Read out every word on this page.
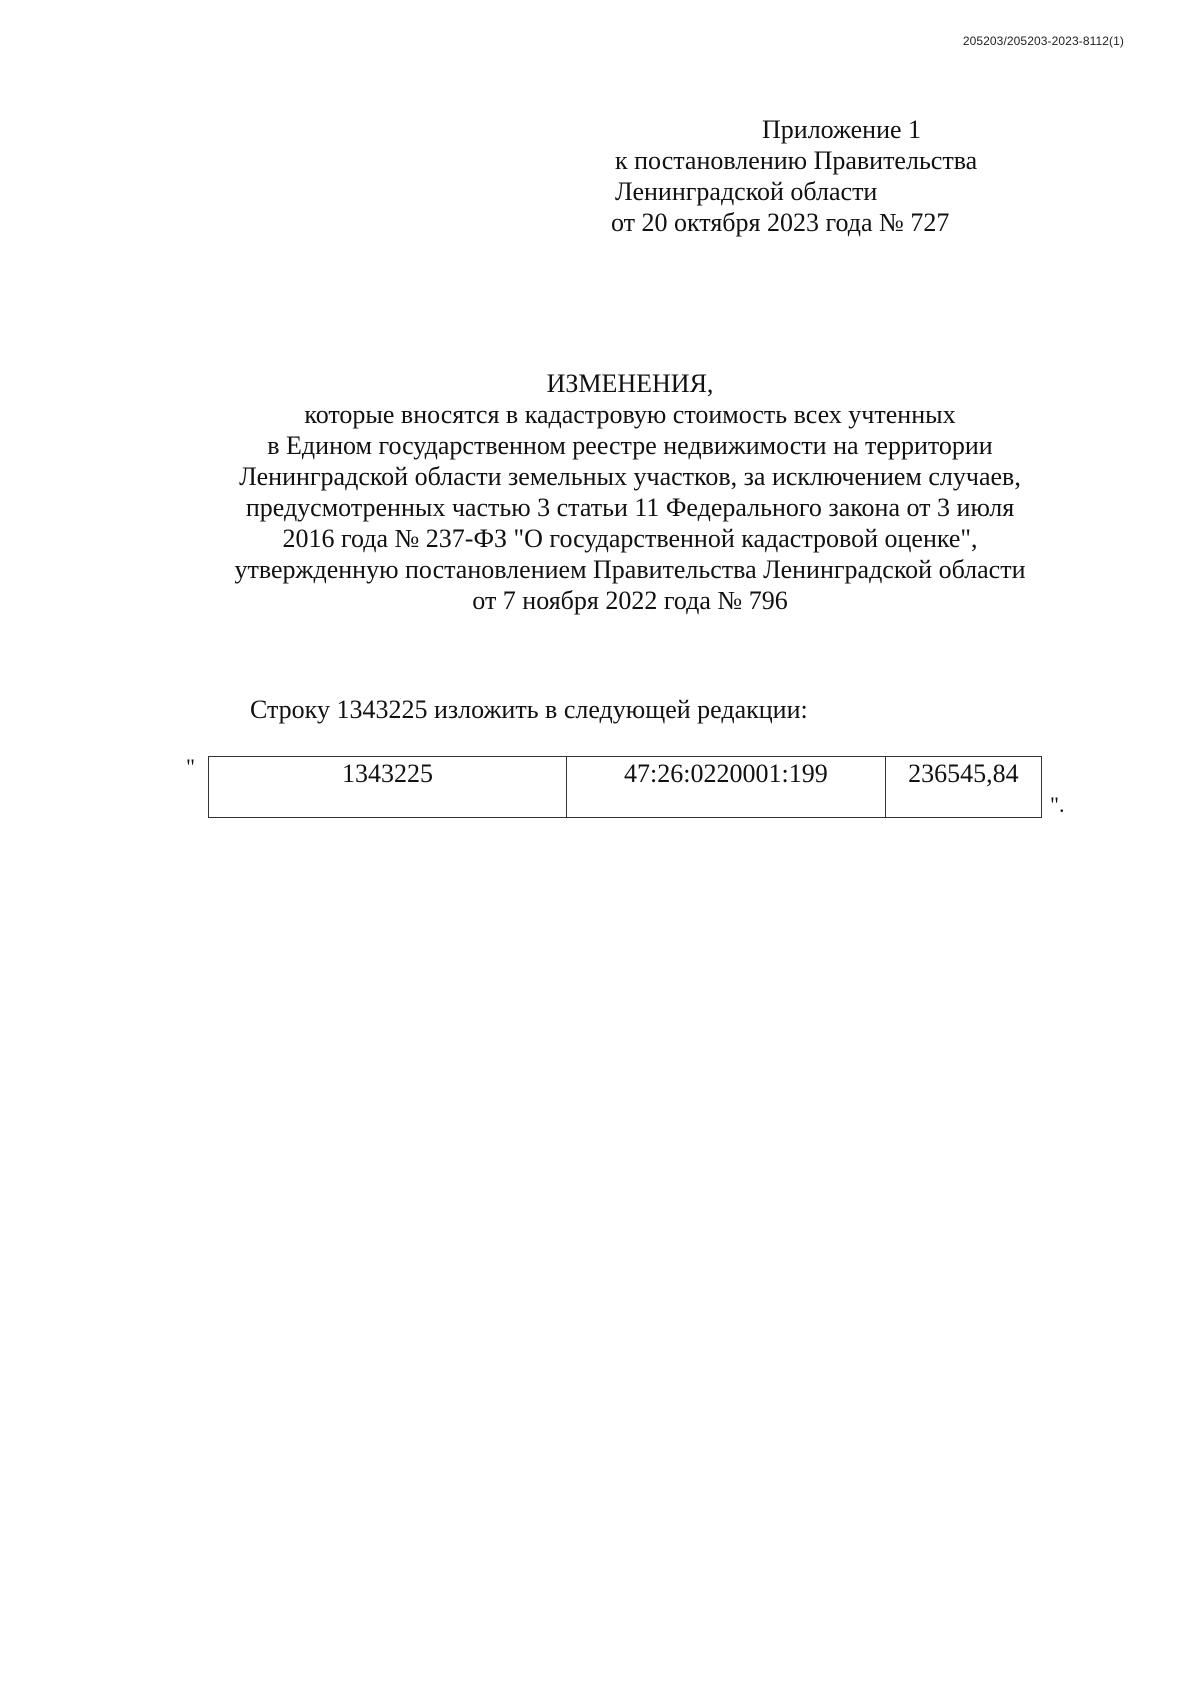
205203/205203-2023-8112(1)
Приложение 1
к постановлению Правительства
Ленинградской области
от 20 октября 2023 года № 727
ИЗМЕНЕНИЯ,
которые вносятся в кадастровую стоимость всех учтенных
в Едином государственном реестре недвижимости на территории
Ленинградской области земельных участков, за исключением случаев,
предусмотренных частью 3 статьи 11 Федерального закона от 3 июля
2016 года № 237-ФЗ "О государственной кадастровой оценке",
утвержденную постановлением Правительства Ленинградской области
от 7 ноября 2022 года № 796
Строку 1343225 изложить в следующей редакции:
"	1343225	47:26:0220001:199	236545,84
".
